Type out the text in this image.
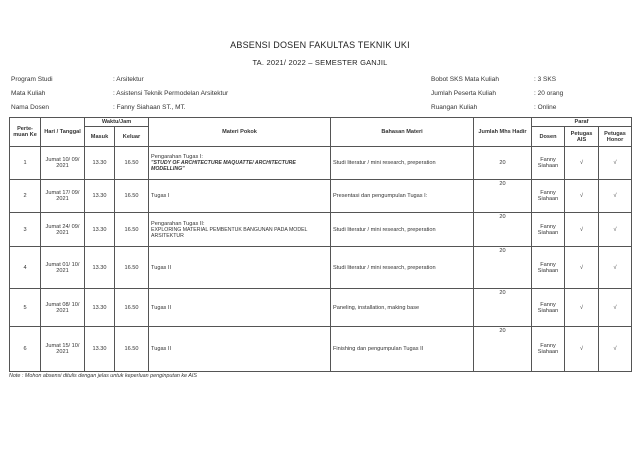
ABSENSI DOSEN FAKULTAS TEKNIK UKI
TA. 2021/ 2022 – SEMESTER GANJIL
Program Studi	: Arsitektur
Mata Kuliah	: Asistensi Teknik Permodelan Arsitektur
Nama Dosen	: Fanny Siahaan ST., MT.
Bobot SKS Mata Kuliah	: 3 SKS
Jumlah Peserta Kuliah	: 20 orang
Ruangan Kuliah	: Online
Perte-muan Ke	Hari / Tanggal	Waktu/Jam		Materi Pokok	Bahasan Materi	Jumlah Mhs Hadir	Paraf		
		Masuk	Keluar				Dosen	Petugas AIS	Petugas Honor
1	Jumat 10/ 09/ 2021	13.30	16.50	Pengarahan Tugas I:
"STUDY OF ARCHITECTURE MAQUATTE/ ARCHITECTURE MODELLING"	Studi literatur / mini research, preperation	20	Fanny Siahaan	√	√
2	Jumat 17/ 09/ 2021	13.30	16.50	Tugas I	Presentasi dan pengumpulan Tugas I:	20	Fanny Siahaan	√	√
3	Jumat 24/ 09/ 2021	13.30	16.50	Pengarahan Tugas II:
EXPLORING MATERIAL PEMBENTUK BANGUNAN PADA MODEL ARSITEKTUR	Studi literatur / mini research, preperation	20	Fanny Siahaan	√	√
4	Jumat 01/ 10/ 2021	13.30	16.50	Tugas II	Studi literatur / mini research, preperation	20	Fanny Siahaan	√	√
5	Jumat 08/ 10/ 2021	13.30	16.50	Tugas II	Paneling, installation, making base	20	Fanny Siahaan	√	√
6	Jumat 15/ 10/ 2021	13.30	16.50	Tugas II	Finishing dan pengumpulan Tugas II	20	Fanny Siahaan	√	√
Note : Mohon absensi ditulis dengan jelas untuk keperluan penginputan ke AIS
